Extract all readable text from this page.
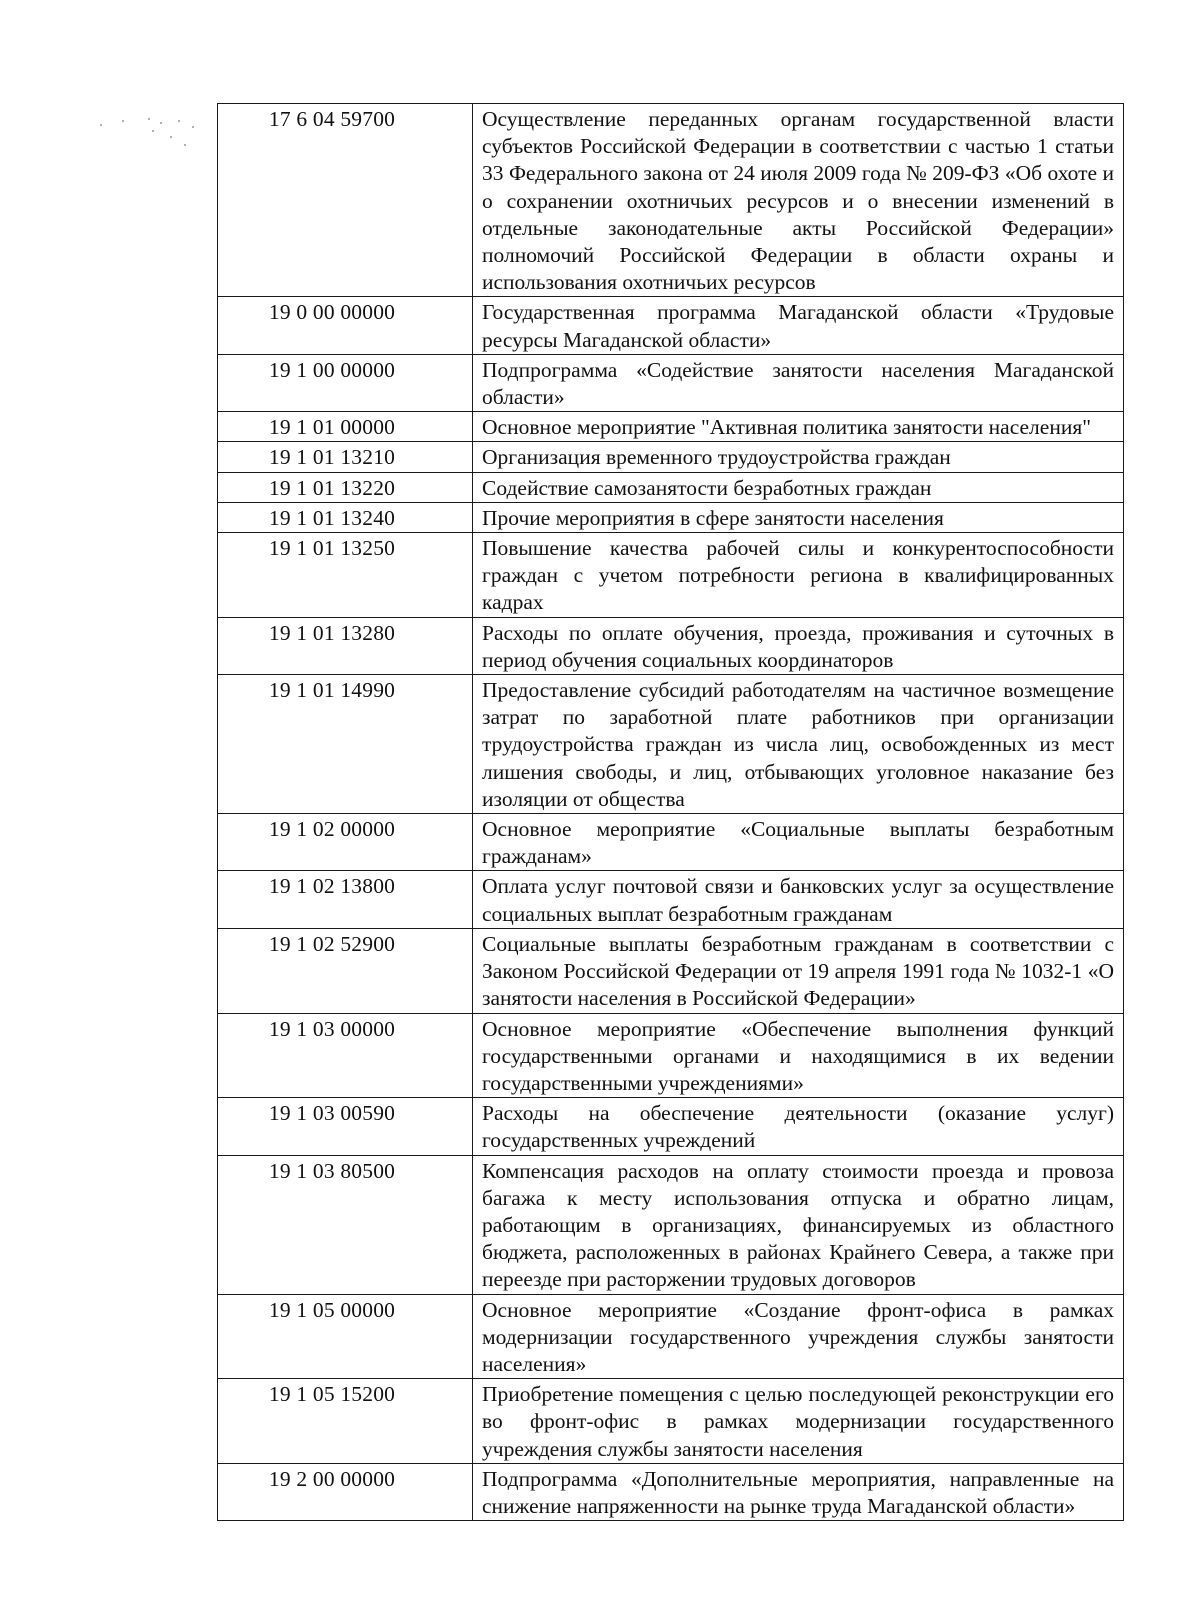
17 6 04 59700	Осуществление переданных органам государственной власти субъектов Российской Федерации в соответствии с частью 1 статьи 33 Федерального закона от 24 июля 2009 года № 209-ФЗ «Об охоте и о сохранении охотничьих ресурсов и о внесении изменений в отдельные законодательные акты Российской Федерации» полномочий Российской Федерации в области охраны и использования охотничьих ресурсов
19 0 00 00000	Государственная программа Магаданской области «Трудовые ресурсы Магаданской области»
19 1 00 00000	Подпрограмма «Содействие занятости населения Магаданской области»
19 1 01 00000	Основное мероприятие "Активная политика занятости населения"
19 1 01 13210	Организация временного трудоустройства граждан
19 1 01 13220	Содействие самозанятости безработных граждан
19 1 01 13240	Прочие мероприятия в сфере занятости населения
19 1 01 13250	Повышение качества рабочей силы и конкурентоспособности граждан с учетом потребности региона в квалифицированных кадрах
19 1 01 13280	Расходы по оплате обучения, проезда, проживания и суточных в период обучения социальных координаторов
19 1 01 14990	Предоставление субсидий работодателям на частичное возмещение затрат по заработной плате работников при организации трудоустройства граждан из числа лиц, освобожденных из мест лишения свободы, и лиц, отбывающих уголовное наказание без изоляции от общества
19 1 02 00000	Основное мероприятие «Социальные выплаты безработным гражданам»
19 1 02 13800	Оплата услуг почтовой связи и банковских услуг за осуществление социальных выплат безработным гражданам
19 1 02 52900	Социальные выплаты безработным гражданам в соответствии с Законом Российской Федерации от 19 апреля 1991 года № 1032-1 «О занятости населения в Российской Федерации»
19 1 03 00000	Основное мероприятие «Обеспечение выполнения функций государственными органами и находящимися в их ведении государственными учреждениями»
19 1 03 00590	Расходы на обеспечение деятельности (оказание услуг) государственных учреждений
19 1 03 80500	Компенсация расходов на оплату стоимости проезда и провоза багажа к месту использования отпуска и обратно лицам, работающим в организациях, финансируемых из областного бюджета, расположенных в районах Крайнего Севера, а также при переезде при расторжении трудовых договоров
19 1 05 00000	Основное мероприятие «Создание фронт-офиса в рамках модернизации государственного учреждения службы занятости населения»
19 1 05 15200	Приобретение помещения с целью последующей реконструкции его во фронт-офис в рамках модернизации государственного учреждения службы занятости населения
19 2 00 00000	Подпрограмма «Дополнительные мероприятия, направленные на снижение напряженности на рынке труда Магаданской области»
